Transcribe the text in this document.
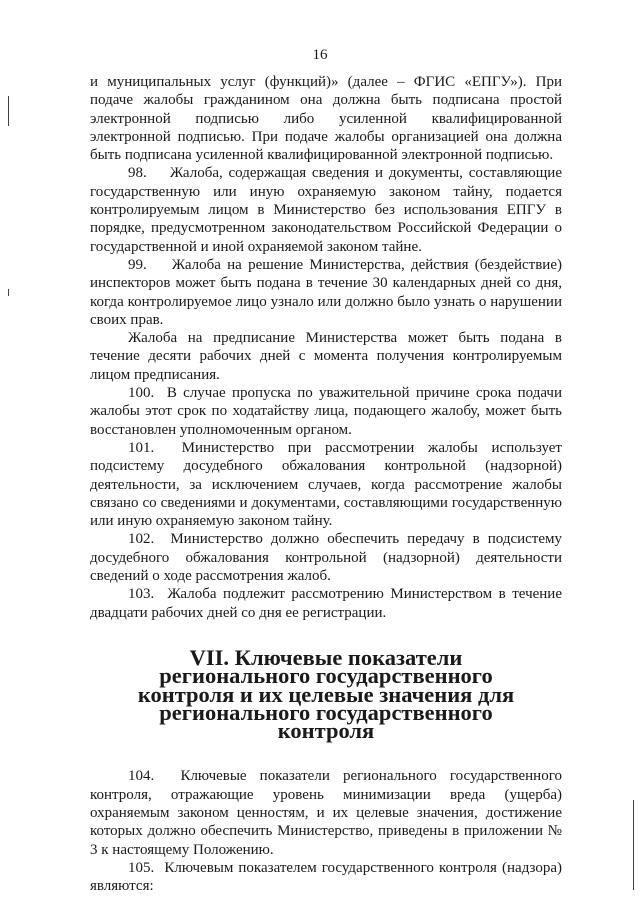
16

и муниципальных услуг (функций)» (далее – ФГИС «ЕПГУ»). При подаче жалобы гражданином она должна быть подписана простой электронной подписью либо усиленной квалифицированной электронной подписью. При подаче жалобы организацией она должна быть подписана усиленной квалифицированной электронной подписью.

98.    Жалоба, содержащая сведения и документы, составляющие государственную или иную охраняемую законом тайну, подается контролируемым лицом в Министерство без использования ЕПГУ в порядке, предусмотренном законодательством Российской Федерации о государственной и иной охраняемой законом тайне.

99.    Жалоба на решение Министерства, действия (бездействие) инспекторов может быть подана в течение 30 календарных дней со дня, когда контролируемое лицо узнало или должно было узнать о нарушении своих прав.

Жалоба на предписание Министерства может быть подана в течение десяти рабочих дней с момента получения контролируемым лицом предписания.

100.  В случае пропуска по уважительной причине срока подачи жалобы этот срок по ходатайству лица, подающего жалобу, может быть восстановлен уполномоченным органом.

101.  Министерство при рассмотрении жалобы использует подсистему досудебного обжалования контрольной (надзорной) деятельности, за исключением случаев, когда рассмотрение жалобы связано со сведениями и документами, составляющими государственную или иную охраняемую законом тайну.

102.  Министерство должно обеспечить передачу в подсистему досудебного обжалования контрольной (надзорной) деятельности сведений о ходе рассмотрения жалоб.

103.  Жалоба подлежит рассмотрению Министерством в течение двадцати рабочих дней со дня ее регистрации.

VII. Ключевые показатели регионального государственного контроля и их целевые значения для регионального государственного контроля

104.  Ключевые показатели регионального государственного контроля, отражающие уровень минимизации вреда (ущерба) охраняемым законом ценностям, и их целевые значения, достижение которых должно обеспечить Министерство, приведены в приложении № 3 к настоящему Положению.

105.  Ключевым показателем государственного контроля (надзора) являются:
